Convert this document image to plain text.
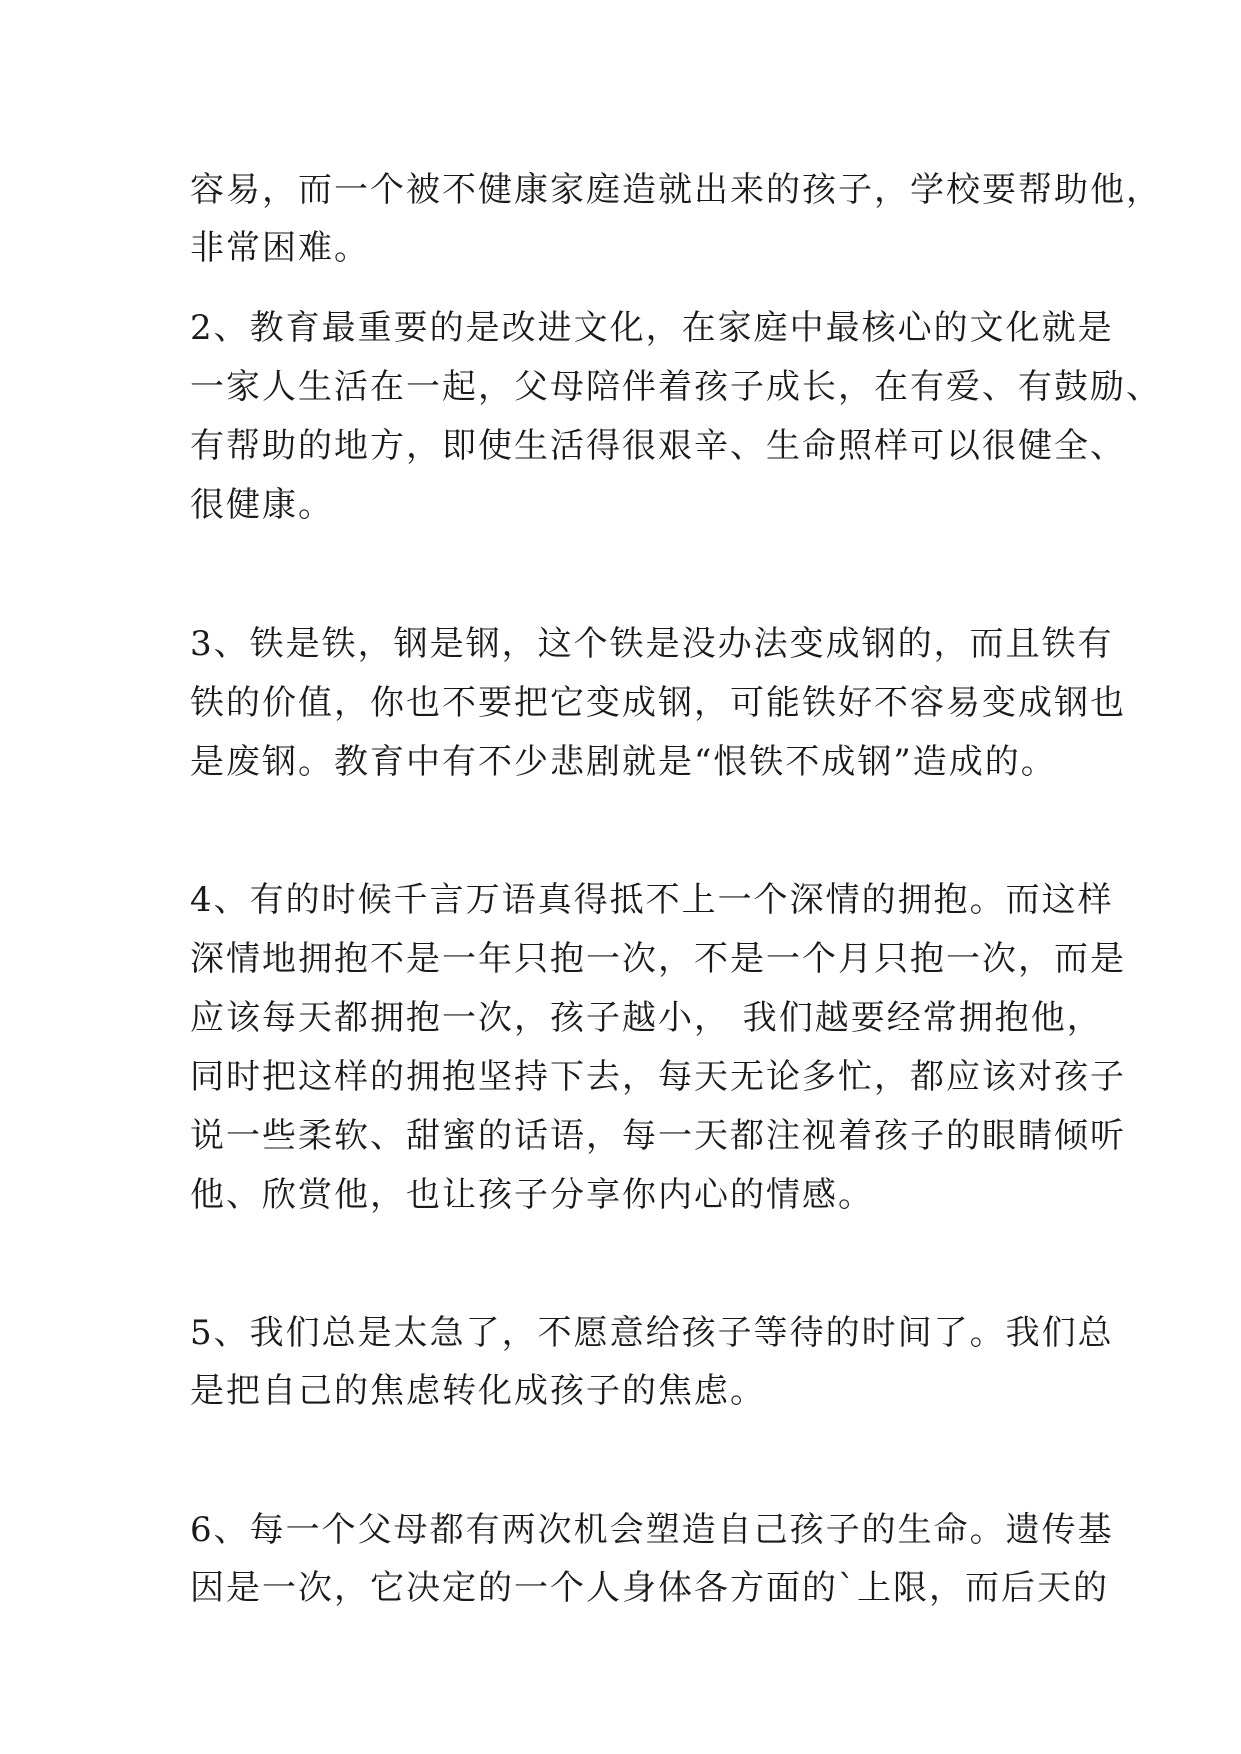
容易，而一个被不健康家庭造就出来的孩子，学校要帮助他，
非常困难。
2、教育最重要的是改进文化，在家庭中最核心的文化就是
一家人生活在一起，父母陪伴着孩子成长，在有爱、有鼓励、
有帮助的地方，即使生活得很艰辛、生命照样可以很健全、
很健康。
3、铁是铁，钢是钢，这个铁是没办法变成钢的，而且铁有
铁的价值，你也不要把它变成钢，可能铁好不容易变成钢也
是废钢。教育中有不少悲剧就是“恨铁不成钢”造成的。
4、有的时候千言万语真得抵不上一个深情的拥抱。而这样
深情地拥抱不是一年只抱一次，不是一个月只抱一次，而是
应该每天都拥抱一次，孩子越小， 我们越要经常拥抱他，
同时把这样的拥抱坚持下去，每天无论多忙，都应该对孩子
说一些柔软、甜蜜的话语，每一天都注视着孩子的眼睛倾听
他、欣赏他，也让孩子分享你内心的情感。
5、我们总是太急了，不愿意给孩子等待的时间了。我们总
是把自己的焦虑转化成孩子的焦虑。
6、每一个父母都有两次机会塑造自己孩子的生命。遗传基
因是一次，它决定的一个人身体各方面的`上限，而后天的
